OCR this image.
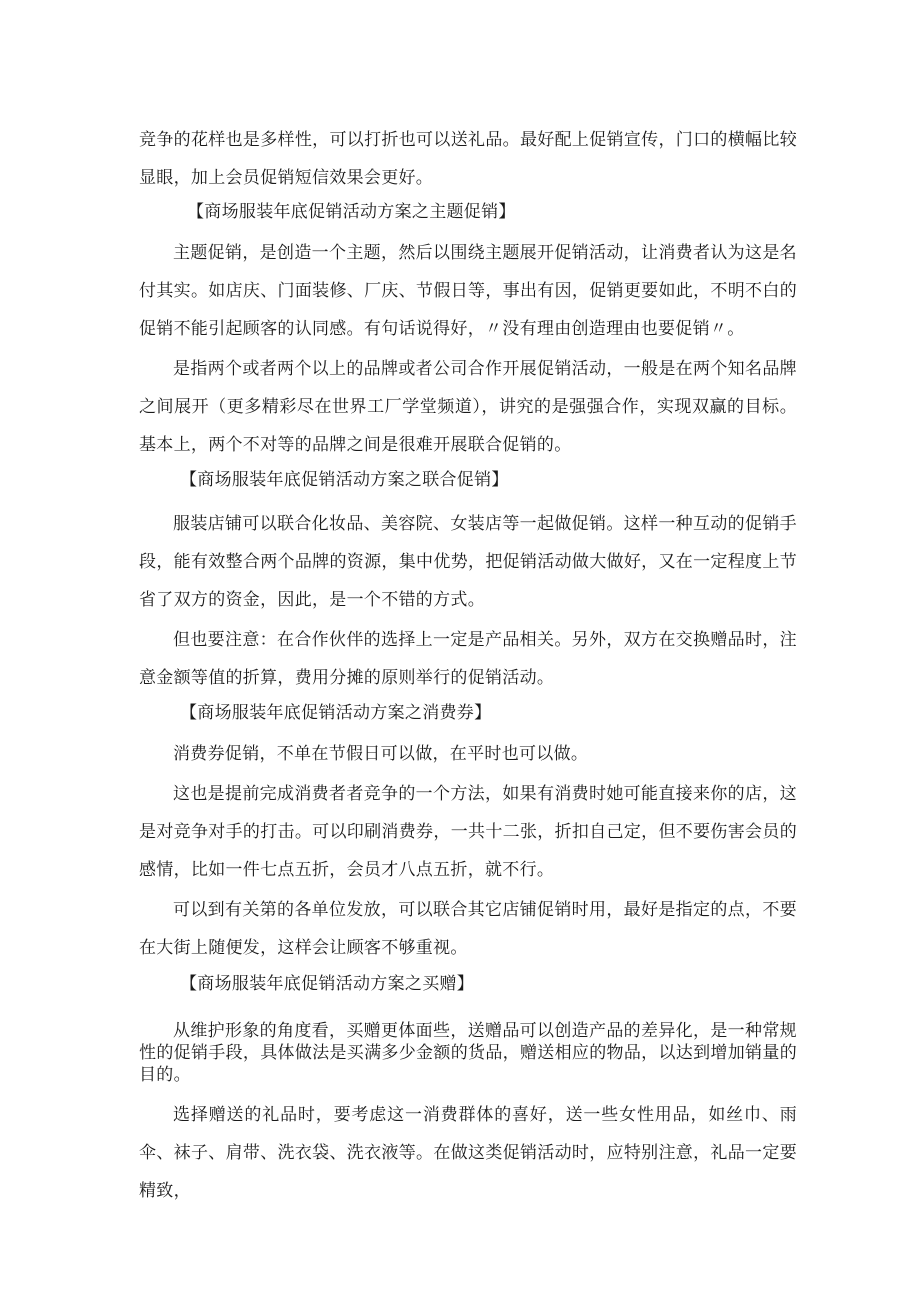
竞争的花样也是多样性，可以打折也可以送礼品。最好配上促销宣传，门口的横幅比较显眼，加上会员促销短信效果会更好。

【商场服装年底促销活动方案之主题促销】

主题促销，是创造一个主题，然后以围绕主题展开促销活动，让消费者认为这是名付其实。如店庆、门面装修、厂庆、节假日等，事出有因，促销更要如此，不明不白的促销不能引起顾客的认同感。有句话说得好，〃没有理由创造理由也要促销〃。

是指两个或者两个以上的品牌或者公司合作开展促销活动，一般是在两个知名品牌之间展开（更多精彩尽在世界工厂学堂频道），讲究的是强强合作，实现双赢的目标。基本上，两个不对等的品牌之间是很难开展联合促销的。

【商场服装年底促销活动方案之联合促销】

服装店铺可以联合化妆品、美容院、女装店等一起做促销。这样一种互动的促销手段，能有效整合两个品牌的资源，集中优势，把促销活动做大做好，又在一定程度上节省了双方的资金，因此，是一个不错的方式。

但也要注意：在合作伙伴的选择上一定是产品相关。另外，双方在交换赠品时，注意金额等值的折算，费用分摊的原则举行的促销活动。

【商场服装年底促销活动方案之消费券】

消费券促销，不单在节假日可以做，在平时也可以做。

这也是提前完成消费者者竞争的一个方法，如果有消费时她可能直接来你的店，这是对竞争对手的打击。可以印刷消费券，一共十二张，折扣自己定，但不要伤害会员的感情，比如一件七点五折，会员才八点五折，就不行。

可以到有关第的各单位发放，可以联合其它店铺促销时用，最好是指定的点，不要在大街上随便发，这样会让顾客不够重视。

【商场服装年底促销活动方案之买赠】

从维护形象的角度看，买赠更体面些，送赠品可以创造产品的差异化，是一种常规性的促销手段，具体做法是买满多少金额的货品，赠送相应的物品，以达到增加销量的目的。

选择赠送的礼品时，要考虑这一消费群体的喜好，送一些女性用品，如丝巾、雨伞、袜子、肩带、洗衣袋、洗衣液等。在做这类促销活动时，应特别注意，礼品一定要精致，
